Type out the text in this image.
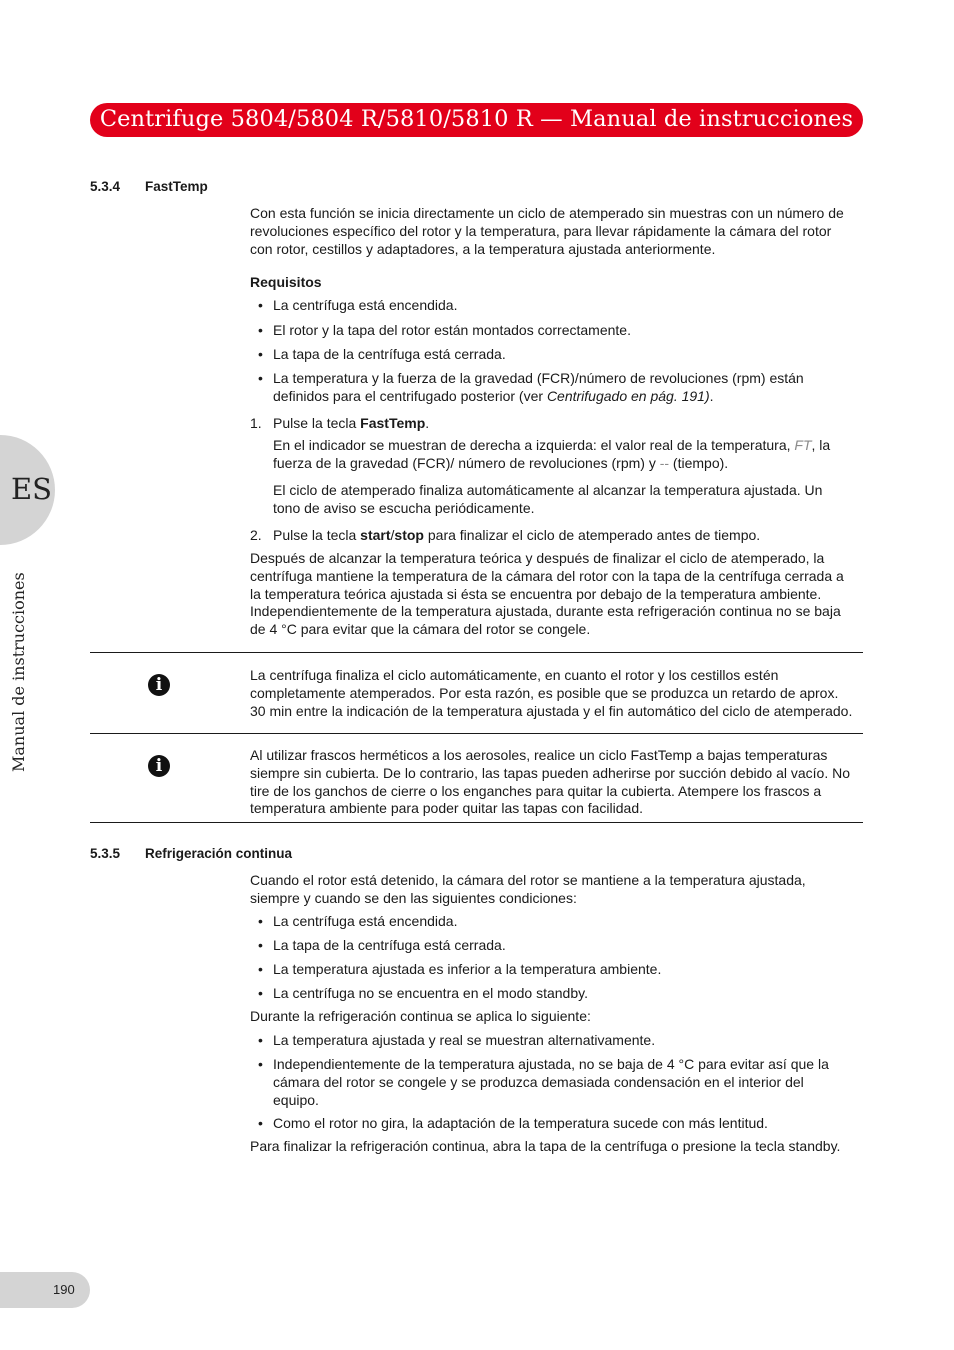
Centrifuge 5804/5804 R/5810/5810 R — Manual de instrucciones
ES
Manual de instrucciones
5.3.4 FastTemp
Con esta función se inicia directamente un ciclo de atemperado sin muestras con un número de
revoluciones específico del rotor y la temperatura, para llevar rápidamente la cámara del rotor
con rotor, cestillos y adaptadores, a la temperatura ajustada anteriormente.
Requisitos
• La centrífuga está encendida.
• El rotor y la tapa del rotor están montados correctamente.
• La tapa de la centrífuga está cerrada.
• La temperatura y la fuerza de la gravedad (FCR)/número de revoluciones (rpm) están
definidos para el centrifugado posterior (ver Centrifugado en pág. 191).
1. Pulse la tecla FastTemp.
En el indicador se muestran de derecha a izquierda: el valor real de la temperatura, FT, la
fuerza de la gravedad (FCR)/ número de revoluciones (rpm) y -- (tiempo).
El ciclo de atemperado finaliza automáticamente al alcanzar la temperatura ajustada. Un
tono de aviso se escucha periódicamente.
2. Pulse la tecla start/stop para finalizar el ciclo de atemperado antes de tiempo.
Después de alcanzar la temperatura teórica y después de finalizar el ciclo de atemperado, la
centrífuga mantiene la temperatura de la cámara del rotor con la tapa de la centrífuga cerrada a
la temperatura teórica ajustada si ésta se encuentra por debajo de la temperatura ambiente.
Independientemente de la temperatura ajustada, durante esta refrigeración continua no se baja
de 4 °C para evitar que la cámara del rotor se congele.
i	La centrífuga finaliza el ciclo automáticamente, en cuanto el rotor y los cestillos estén
completamente atemperados. Por esta razón, es posible que se produzca un retardo de aprox.
30 min entre la indicación de la temperatura ajustada y el fin automático del ciclo de atemperado.
i
Al utilizar frascos herméticos a los aerosoles, realice un ciclo FastTemp a bajas temperaturas
siempre sin cubierta. De lo contrario, las tapas pueden adherirse por succión debido al vacío. No
tire de los ganchos de cierre o los enganches para quitar la cubierta. Atempere los frascos a
temperatura ambiente para poder quitar las tapas con facilidad.
5.3.5 Refrigeración continua
Cuando el rotor está detenido, la cámara del rotor se mantiene a la temperatura ajustada,
siempre y cuando se den las siguientes condiciones:
• La centrífuga está encendida.
• La tapa de la centrífuga está cerrada.
• La temperatura ajustada es inferior a la temperatura ambiente.
• La centrífuga no se encuentra en el modo standby.
Durante la refrigeración continua se aplica lo siguiente:
• La temperatura ajustada y real se muestran alternativamente.
• Independientemente de la temperatura ajustada, no se baja de 4 °C para evitar así que la
cámara del rotor se congele y se produzca demasiada condensación en el interior del
equipo.
• Como el rotor no gira, la adaptación de la temperatura sucede con más lentitud.
Para finalizar la refrigeración continua, abra la tapa de la centrífuga o presione la tecla standby.
190
